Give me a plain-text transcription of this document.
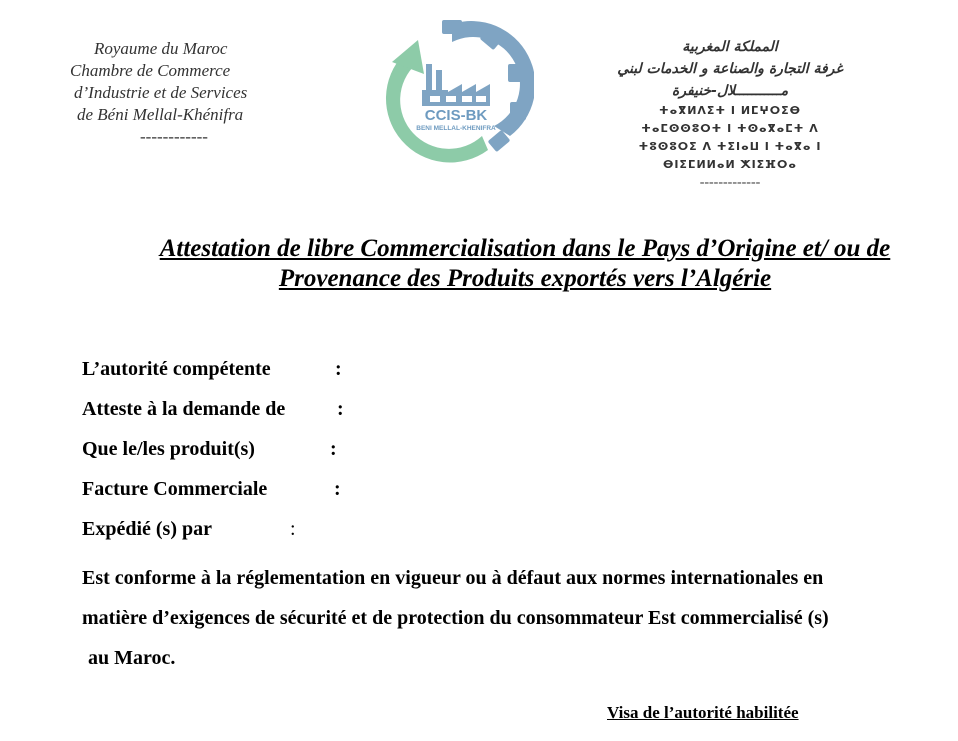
Royaume du Maroc
Chambre de Commerce
d’Industrie et de Services
de Béni Mellal-Khénifra
------------
CCIS-BK
BENI MELLAL-KHENIFRA
المملكة المغربية
غرفة التجارة والصناعة و الخدمات لبني
مـــــــــــلال-خنيفرة
ⵜⴰⴳⵍⴷⵉⵜ ⵏ ⵍⵎⵖⵔⵉⴱ
ⵜⴰⵎⵙⵙⵓⵔⵜ ⵏ ⵜⵙⴰⴳⴰⵎⵜ ⴷ
ⵜⵓⵙⵓⵔⵉ ⴷ ⵜⵉⵏⴰⵡ ⵏ ⵜⴰⴳⴰ ⵏ
ⴱⵏⵉⵎⵍⵍⴰⵍ ⵅⵏⵉⴼⵔⴰ
-------------
Attestation de libre Commercialisation dans le Pays d’Origine et/ ou de
Provenance des Produits exportés vers l’Algérie
L’autorité compétente	:
Atteste à la demande de	:
Que le/les produit(s)	:
Facture Commerciale	:
Expédié (s) par	:
Est conforme à la réglementation en vigueur ou à défaut aux normes internationales en
matière d’exigences de sécurité et de protection du consommateur Est commercialisé (s)
au Maroc.
Visa de l’autorité habilitée
